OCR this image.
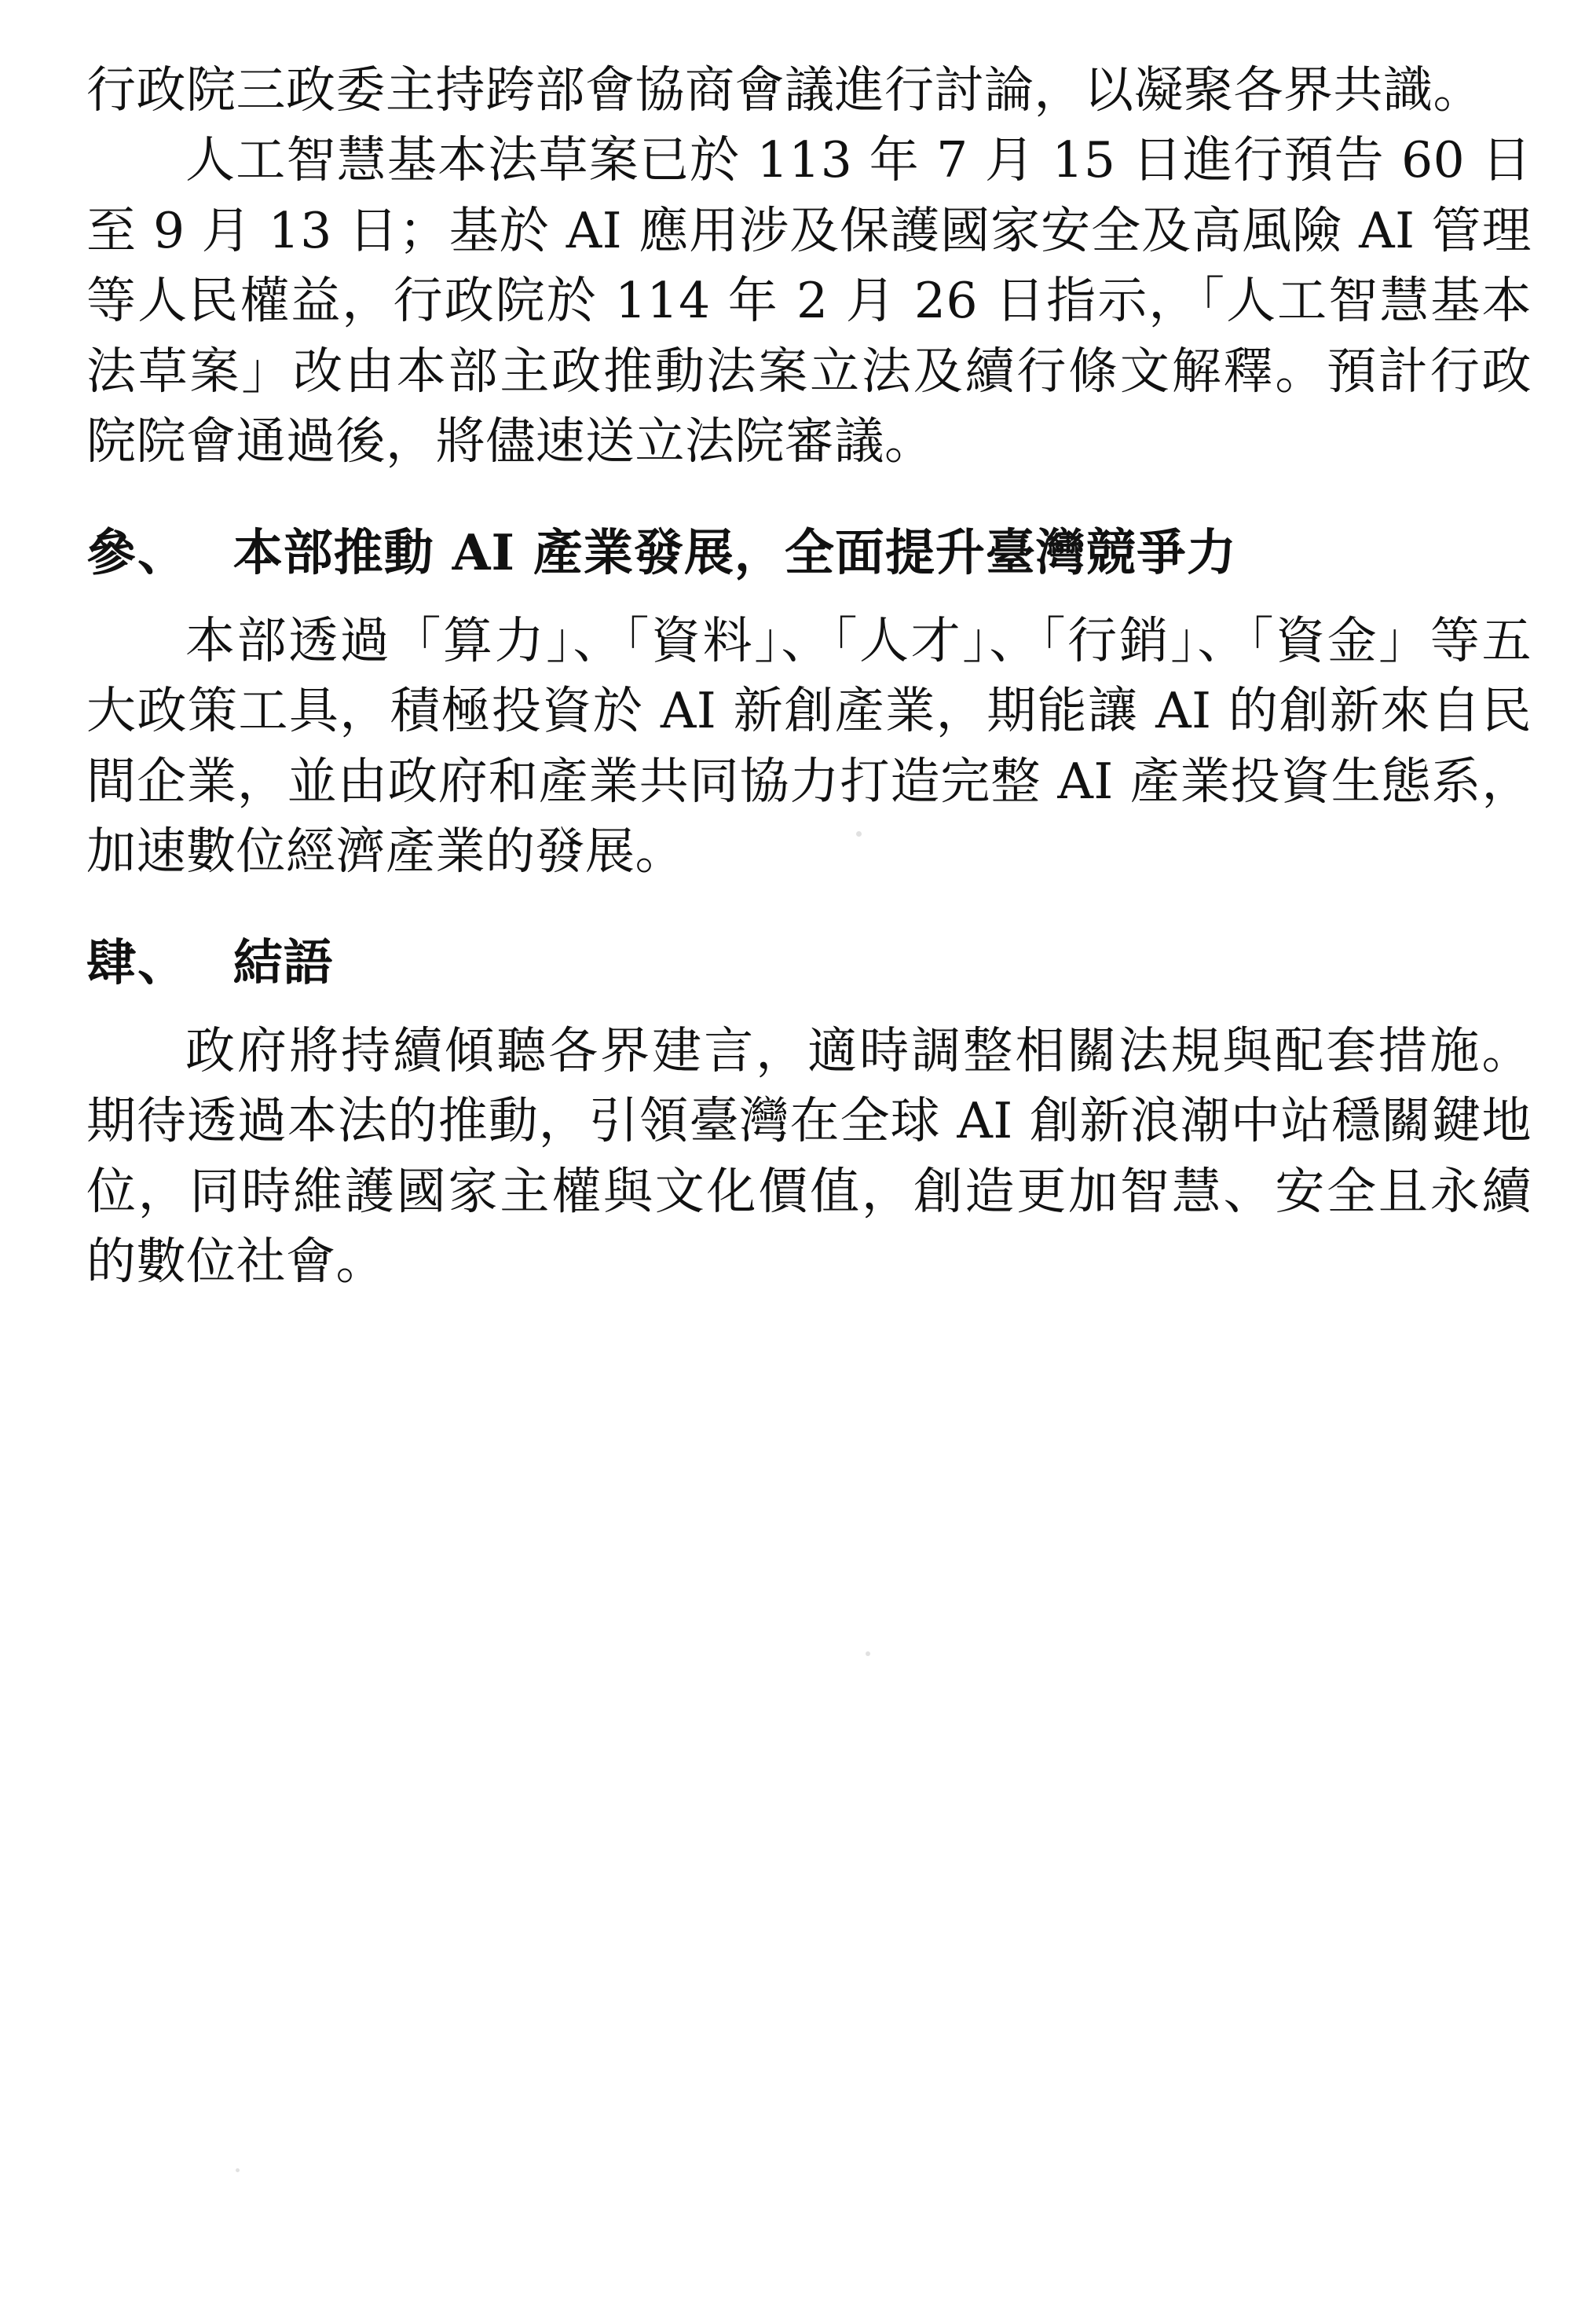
行政院三政委主持跨部會協商會議進行討論，以凝聚各界共識。

人工智慧基本法草案已於 113 年 7 月 15 日進行預告 60 日至 9 月 13 日；基於 AI 應用涉及保護國家安全及高風險 AI 管理等人民權益，行政院於 114 年 2 月 26 日指示，「人工智慧基本法草案」改由本部主政推動法案立法及續行條文解釋。預計行政院院會通過後，將儘速送立法院審議。

參、 本部推動 AI 產業發展，全面提升臺灣競爭力

本部透過「算力」、「資料」、「人才」、「行銷」、「資金」等五大政策工具，積極投資於 AI 新創產業，期能讓 AI 的創新來自民間企業，並由政府和產業共同協力打造完整 AI 產業投資生態系，加速數位經濟產業的發展。

肆、 結語

政府將持續傾聽各界建言，適時調整相關法規與配套措施。期待透過本法的推動，引領臺灣在全球 AI 創新浪潮中站穩關鍵地位，同時維護國家主權與文化價值，創造更加智慧、安全且永續的數位社會。
